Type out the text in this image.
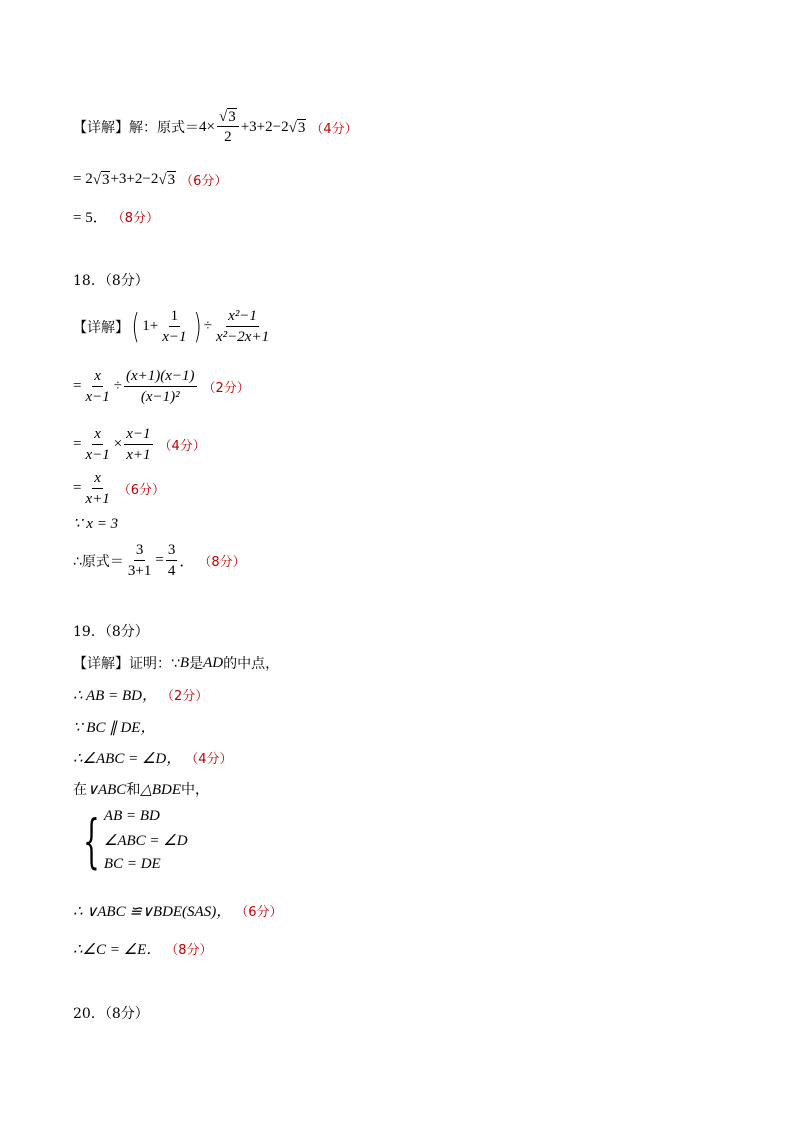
【详解】解：原式＝ $4\times \frac{√ 3}{2} +3+2-2$ √ 3 （4分）
= 2 √ 3 +3+2−2 √ 3 （6分）
= 5． （8分）
18．（8分）
【详解】 ( $1+ \frac{1}{x-1}$ ) ÷ $\frac{\text{x²−1}}{\text{x²−2x+1}}$
= $\frac{x}{x-1} \div \frac{(x+1)(x-1)}{\text{(x−1)²}} (2$分）
= $\frac{x}{x-1} \times \frac{x-1}{x+1} (4$分）
= $\frac{x}{x+1} (6$分）
∵ x = 3
∴原式＝ $\frac{3}{3+1} = \frac{3}{4}$ ． （8分）
19．（8分）
【详解】证明：∵ B 是 AD 的中点，
∴ AB = BD， （2分）
∵ BC ∥ DE，
∴∠ABC = ∠D， （4分）
在 ∨ABC 和 △BDE 中，
{ AB = BD
∠ABC = ∠D
BC = DE
∴ ∨ABC ≌∨BDE(SAS)， （6分）
∴∠C = ∠E． （8分）
20．（8分）
